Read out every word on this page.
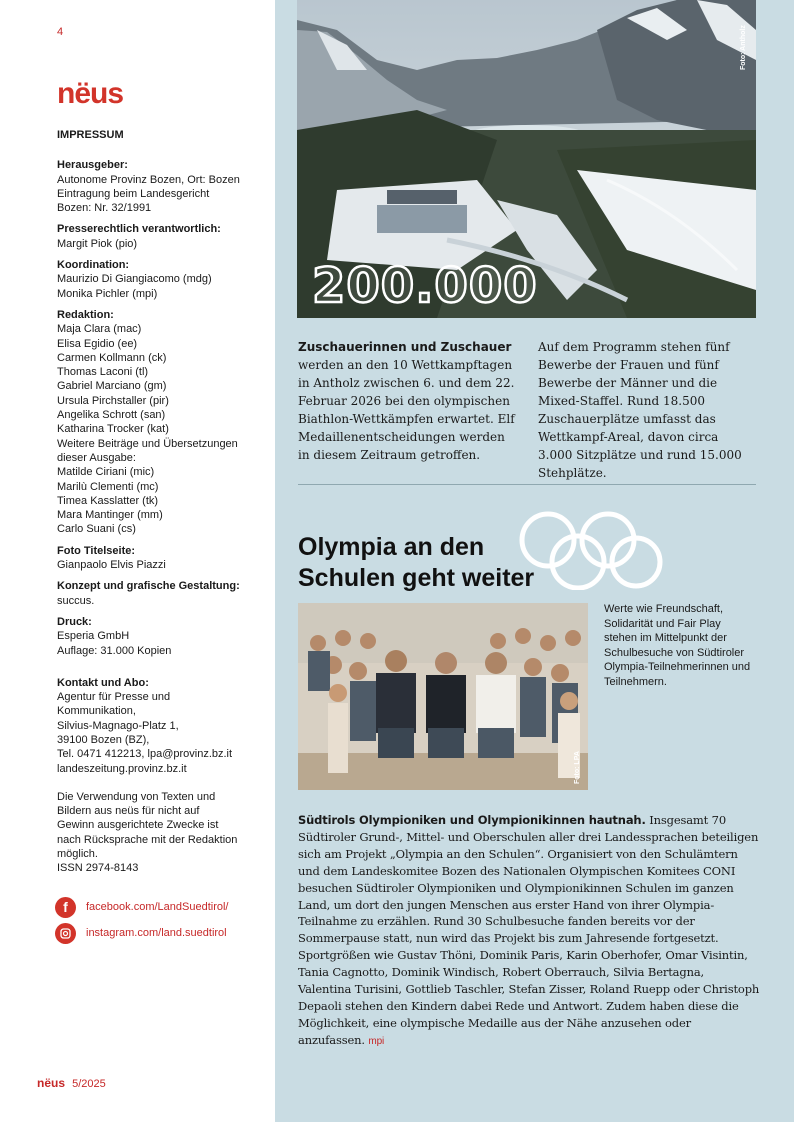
4
nëus
IMPRESSUM
Herausgeber:
Autonome Provinz Bozen, Ort: Bozen
Eintragung beim Landesgericht
Bozen: Nr. 32/1991
Presserechtlich verantwortlich:
Margit Piok (pio)
Koordination:
Maurizio Di Giangiacomo (mdg)
Monika Pichler (mpi)
Redaktion:
Maja Clara (mac)
Elisa Egidio (ee)
Carmen Kollmann (ck)
Thomas Laconi (tl)
Gabriel Marciano (gm)
Ursula Pirchstaller (pir)
Angelika Schrott (san)
Katharina Trocker (kat)
Weitere Beiträge und Übersetzungen
dieser Ausgabe:
Matilde Ciriani (mic)
Marilù Clementi (mc)
Timea Kasslatter (tk)
Mara Mantinger (mm)
Carlo Suani (cs)
Foto Titelseite:
Gianpaolo Elvis Piazzi
Konzept und grafische Gestaltung:
succus.
Druck:
Esperia GmbH
Auflage: 31.000 Kopien
Kontakt und Abo:
Agentur für Presse und
Kommunikation,
Silvius-Magnago-Platz 1,
39100 Bozen (BZ),
Tel. 0471 412213, lpa@provinz.bz.it
landeszeitung.provinz.bz.it
Die Verwendung von Texten und
Bildern aus neüs für nicht auf
Gewinn ausgerichtete Zwecke ist
nach Rücksprache mit der Redaktion
möglich.
ISSN 2974-8143
f facebook.com/LandSuedtirol/
instagram.com/land.suedtirol
nëus 5/2025
200.000
Foto: Antholz
Zuschauerinnen und Zuschauer werden an den 10 Wettkampftagen in Antholz zwischen 6. und dem 22. Februar 2026 bei den olympischen Biathlon-Wettkämpfen erwartet. Elf Medaillenentscheidungen werden in diesem Zeitraum getroffen.
Auf dem Programm stehen fünf Bewerbe der Frauen und fünf Bewerbe der Männer und die Mixed-Staffel. Rund 18.500 Zuschauerplätze umfasst das Wettkampf-Areal, davon circa 3.000 Sitzplätze und rund 15.000 Stehplätze.
Olympia an den
Schulen geht weiter
Foto: LPA
Werte wie Freundschaft, Solidarität und Fair Play stehen im Mittelpunkt der Schulbesuche von Südtiroler Olympia-Teilnehmerinnen und Teilnehmern.
Südtirols Olympioniken und Olympionikinnen hautnah. Insgesamt 70 Südtiroler Grund-, Mittel- und Oberschulen aller drei Landessprachen beteiligen sich am Projekt „Olympia an den Schulen“. Organisiert von den Schulämtern und dem Landeskomitee Bozen des Nationalen Olympischen Komitees CONI besuchen Südtiroler Olympioniken und Olympionikinnen Schulen im ganzen Land, um dort den jungen Menschen aus erster Hand von ihrer Olympia-Teilnahme zu erzählen. Rund 30 Schulbesuche fanden bereits vor der Sommerpause statt, nun wird das Projekt bis zum Jahresende fortgesetzt. Sportgrößen wie Gustav Thöni, Dominik Paris, Karin Oberhofer, Omar Visintin, Tania Cagnotto, Dominik Windisch, Robert Oberrauch, Silvia Bertagna, Valentina Turisini, Gottlieb Taschler, Stefan Zisser, Roland Ruepp oder Christoph Depaoli stehen den Kindern dabei Rede und Antwort. Zudem haben diese die Möglichkeit, eine olympische Medaille aus der Nähe anzusehen oder anzufassen. mpi
